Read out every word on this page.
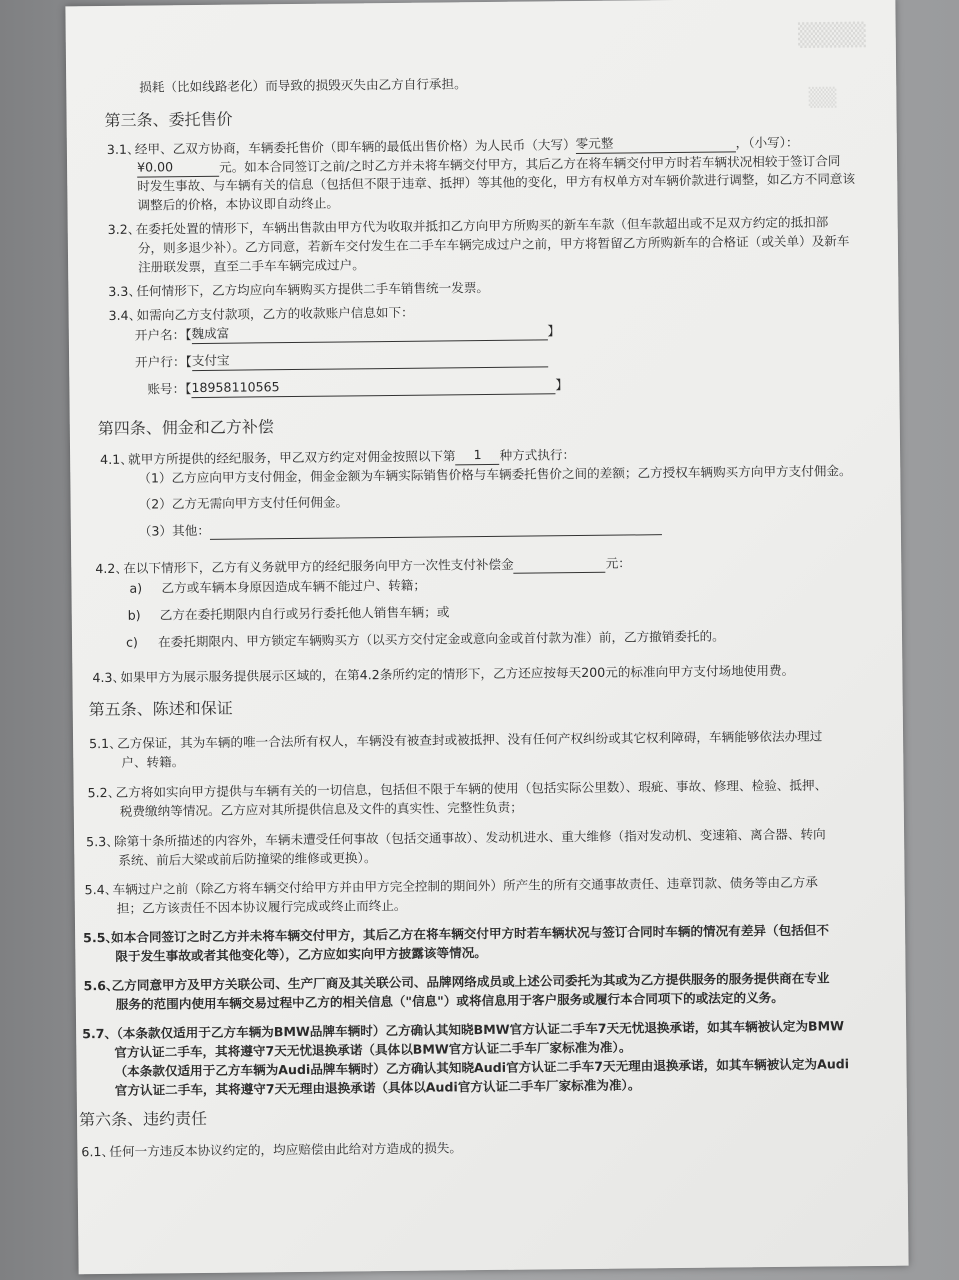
▒▒▒▒
▒▒
损耗（比如线路老化）而导致的损毁灭失由乙方自行承担。
第三条、委托售价
3.1、经甲、乙双方协商，车辆委托售价（即车辆的最低出售价格）为人民币（大写）零元整	，（小写）：
¥0.00	元。如本合同签订之前/之时乙方并未将车辆交付甲方，其后乙方在将车辆交付甲方时若车辆状况相较于签订合同
时发生事故、与车辆有关的信息（包括但不限于违章、抵押）等其他的变化，甲方有权单方对车辆价款进行调整，如乙方不同意该
调整后的价格，本协议即自动终止。
3.2、在委托处置的情形下，车辆出售款由甲方代为收取并抵扣乙方向甲方所购买的新车车款（但车款超出或不足双方约定的抵扣部
分，则多退少补）。乙方同意，若新车交付发生在二手车车辆完成过户之前，甲方将暂留乙方所购新车的合格证（或关单）及新车
注册联发票，直至二手车车辆完成过户。
3.3、任何情形下，乙方均应向车辆购买方提供二手车销售统一发票。
3.4、如需向乙方支付款项，乙方的收款账户信息如下：
开户名：【魏成富	】
开户行：【支付宝
账号：【18958110565	】
第四条、佣金和乙方补偿
4.1、就甲方所提供的经纪服务，甲乙双方约定对佣金按照以下第 1 种方式执行：
（1）乙方应向甲方支付佣金，佣金金额为车辆实际销售价格与车辆委托售价之间的差额；乙方授权车辆购买方向甲方支付佣金。
（2）乙方无需向甲方支付任何佣金。
（3）其他：
4.2、在以下情形下，乙方有义务就甲方的经纪服务向甲方一次性支付补偿金	元：
a) 乙方或车辆本身原因造成车辆不能过户、转籍；
b) 乙方在委托期限内自行或另行委托他人销售车辆；或
c) 在委托期限内、甲方锁定车辆购买方（以买方交付定金或意向金或首付款为准）前，乙方撤销委托的。
4.3、如果甲方为展示服务提供展示区域的，在第4.2条所约定的情形下，乙方还应按每天200元的标准向甲方支付场地使用费。
第五条、陈述和保证
5.1、乙方保证，其为车辆的唯一合法所有权人，车辆没有被查封或被抵押、没有任何产权纠纷或其它权利障碍，车辆能够依法办理过
户、转籍。
5.2、乙方将如实向甲方提供与车辆有关的一切信息，包括但不限于车辆的使用（包括实际公里数）、瑕疵、事故、修理、检验、抵押、
税费缴纳等情况。乙方应对其所提供信息及文件的真实性、完整性负责；
5.3、除第十条所描述的内容外，车辆未遭受任何事故（包括交通事故）、发动机进水、重大维修（指对发动机、变速箱、离合器、转向
系统、前后大梁或前后防撞梁的维修或更换）。
5.4、车辆过户之前（除乙方将车辆交付给甲方并由甲方完全控制的期间外）所产生的所有交通事故责任、违章罚款、债务等由乙方承
担；乙方该责任不因本协议履行完成或终止而终止。
5.5、如本合同签订之时乙方并未将车辆交付甲方，其后乙方在将车辆交付甲方时若车辆状况与签订合同时车辆的情况有差异（包括但不
限于发生事故或者其他变化等），乙方应如实向甲方披露该等情况。
5.6、乙方同意甲方及甲方关联公司、生产厂商及其关联公司、品牌网络成员或上述公司委托为其或为乙方提供服务的服务提供商在专业
服务的范围内使用车辆交易过程中乙方的相关信息（"信息"）或将信息用于客户服务或履行本合同项下的或法定的义务。
5.7、（本条款仅适用于乙方车辆为BMW品牌车辆时）乙方确认其知晓BMW官方认证二手车7天无忧退换承诺，如其车辆被认定为BMW
官方认证二手车，其将遵守7天无忧退换承诺（具体以BMW官方认证二手车厂家标准为准）。
（本条款仅适用于乙方车辆为Audi品牌车辆时）乙方确认其知晓Audi官方认证二手车7天无理由退换承诺，如其车辆被认定为Audi
官方认证二手车，其将遵守7天无理由退换承诺（具体以Audi官方认证二手车厂家标准为准）。
第六条、违约责任
6.1、任何一方违反本协议约定的，均应赔偿由此给对方造成的损失。
